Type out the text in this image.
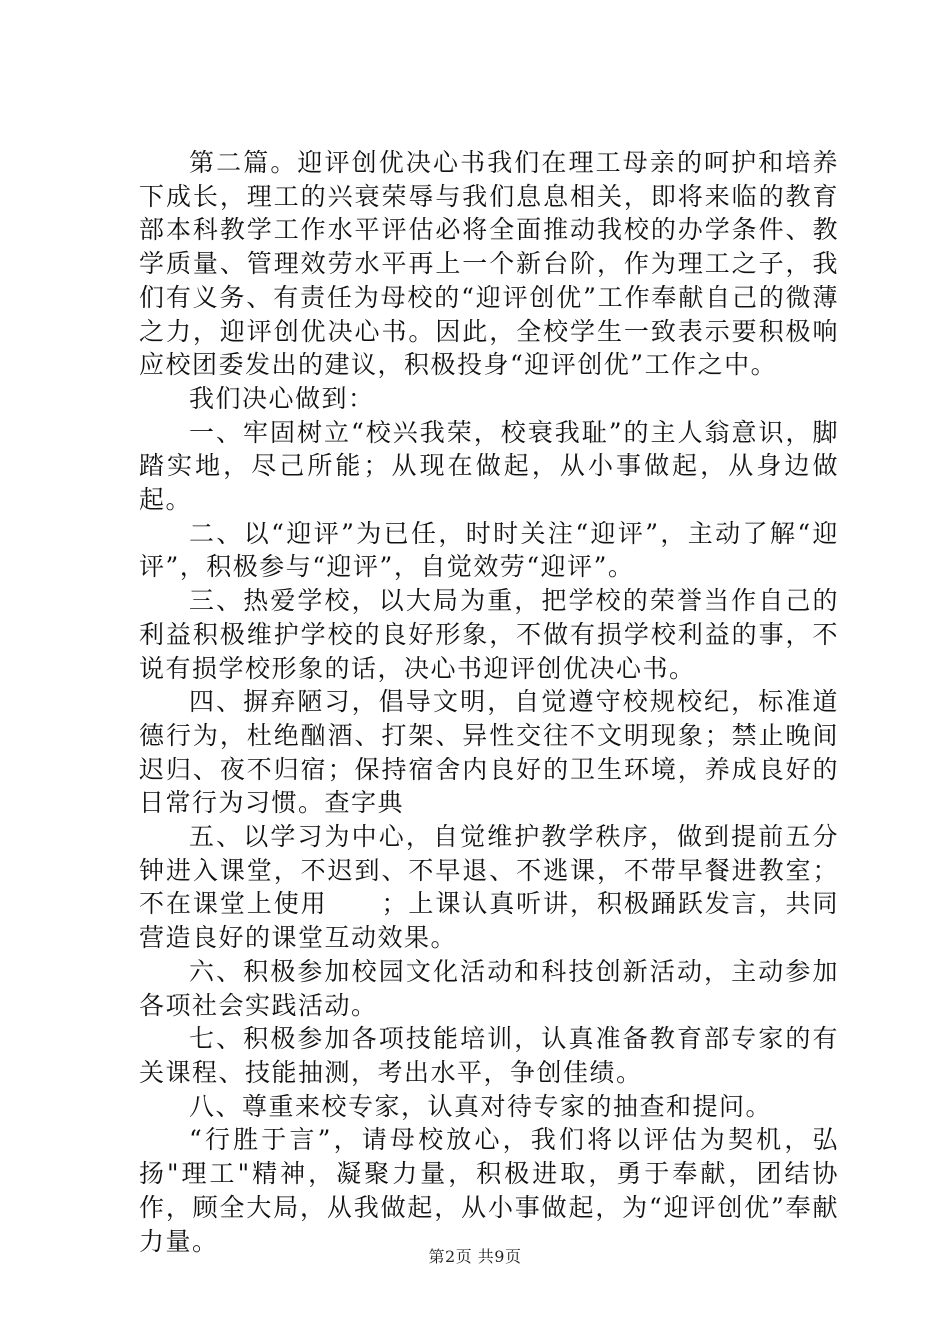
第二篇。迎评创优决心书我们在理工母亲的呵护和培养下成长，理工的兴衰荣辱与我们息息相关，即将来临的教育部本科教学工作水平评估必将全面推动我校的办学条件、教学质量、管理效劳水平再上一个新台阶，作为理工之子，我们有义务、有责任为母校的“迎评创优”工作奉献自己的微薄之力，迎评创优决心书。因此，全校学生一致表示要积极响应校团委发出的建议，积极投身“迎评创优”工作之中。

我们决心做到：

一、牢固树立“校兴我荣，校衰我耻”的主人翁意识，脚踏实地，尽己所能；从现在做起，从小事做起，从身边做起。

二、以“迎评”为已任，时时关注“迎评”，主动了解“迎评”，积极参与“迎评”，自觉效劳“迎评”。

三、热爱学校，以大局为重，把学校的荣誉当作自己的利益积极维护学校的良好形象，不做有损学校利益的事，不说有损学校形象的话，决心书迎评创优决心书。

四、摒弃陋习，倡导文明，自觉遵守校规校纪，标准道德行为，杜绝酗酒、打架、异性交往不文明现象；禁止晚间迟归、夜不归宿；保持宿舍内良好的卫生环境，养成良好的日常行为习惯。查字典

五、以学习为中心，自觉维护教学秩序，做到提前五分钟进入课堂，不迟到、不早退、不逃课，不带早餐进教室；不在课堂上使用　　；上课认真听讲，积极踊跃发言，共同营造良好的课堂互动效果。

六、积极参加校园文化活动和科技创新活动，主动参加各项社会实践活动。

七、积极参加各项技能培训，认真准备教育部专家的有关课程、技能抽测，考出水平，争创佳绩。

八、尊重来校专家，认真对待专家的抽查和提问。

“行胜于言”，请母校放心，我们将以评估为契机，弘扬"理工"精神，凝聚力量，积极进取，勇于奉献，团结协作，顾全大局，从我做起，从小事做起，为“迎评创优”奉献力量。

第2页 共9页
